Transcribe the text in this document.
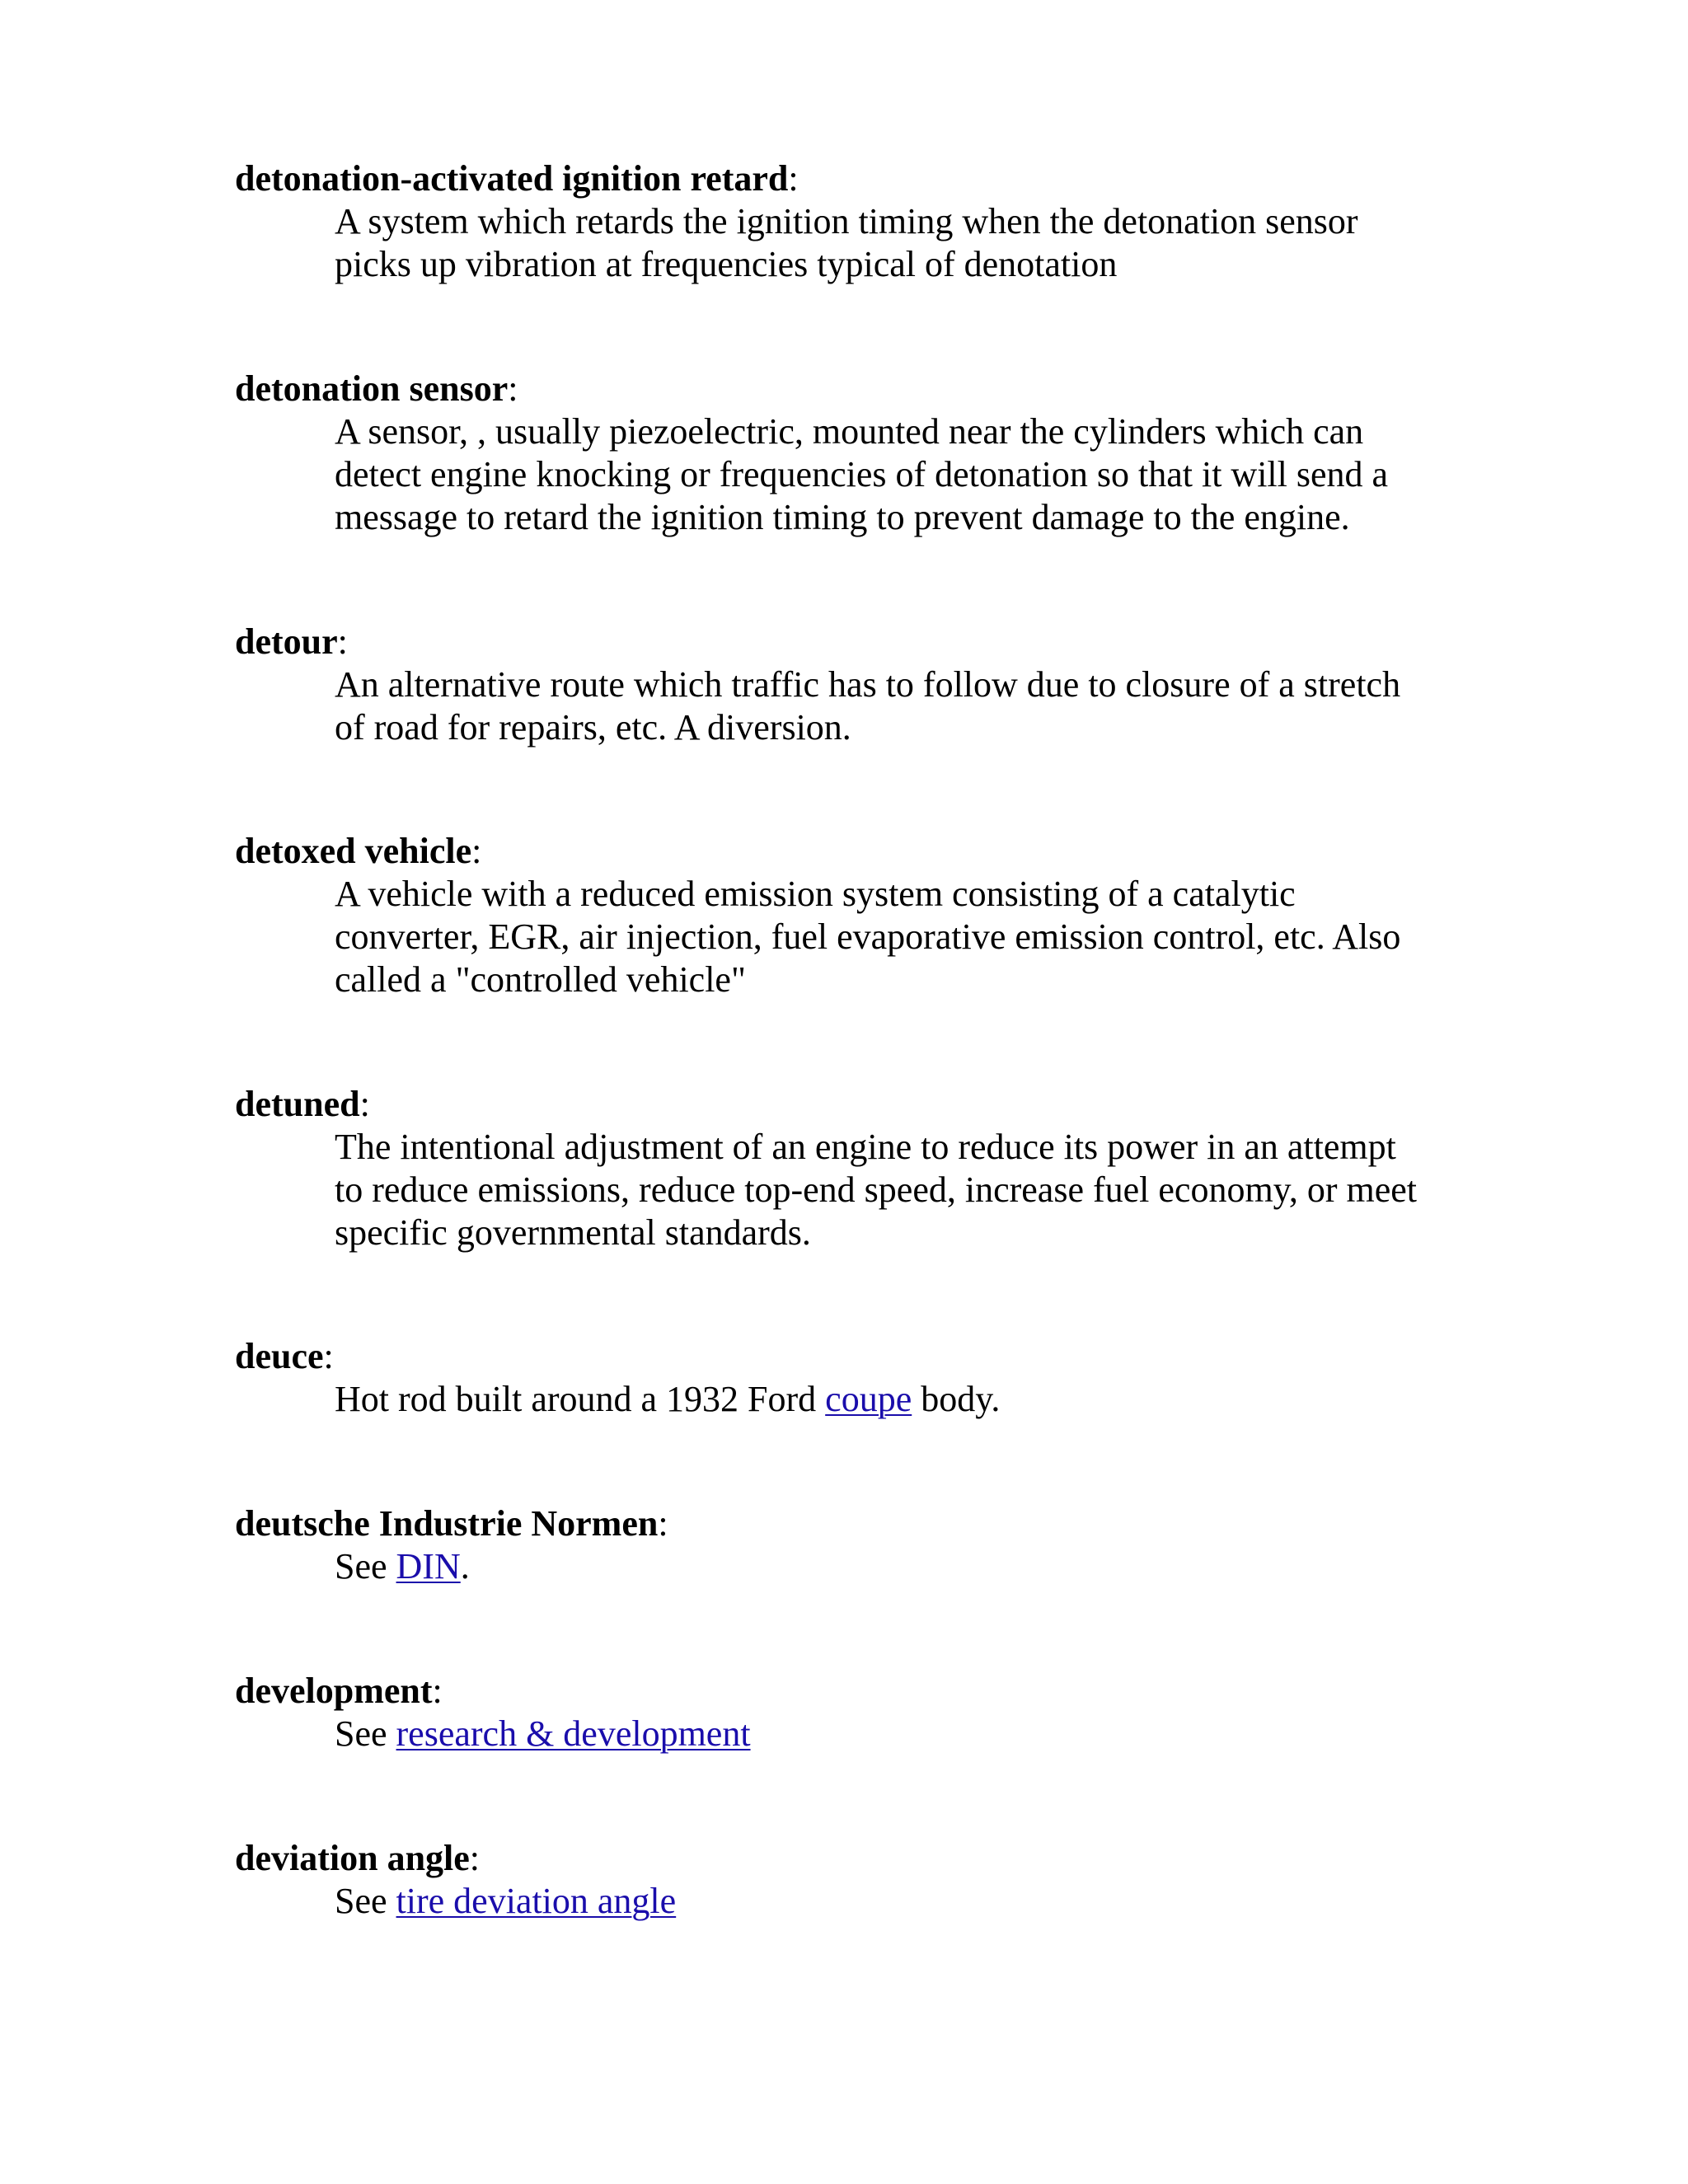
detonation-activated ignition retard:
A system which retards the ignition timing when the detonation sensor
picks up vibration at frequencies typical of denotation
detonation sensor:
A sensor, , usually piezoelectric, mounted near the cylinders which can
detect engine knocking or frequencies of detonation so that it will send a
message to retard the ignition timing to prevent damage to the engine.
detour:
An alternative route which traffic has to follow due to closure of a stretch
of road for repairs, etc. A diversion.
detoxed vehicle:
A vehicle with a reduced emission system consisting of a catalytic
converter, EGR, air injection, fuel evaporative emission control, etc. Also
called a "controlled vehicle"
detuned:
The intentional adjustment of an engine to reduce its power in an attempt
to reduce emissions, reduce top-end speed, increase fuel economy, or meet
specific governmental standards.
deuce:
Hot rod built around a 1932 Ford coupe body.
deutsche Industrie Normen:
See DIN.
development:
See research & development
deviation angle:
See tire deviation angle
